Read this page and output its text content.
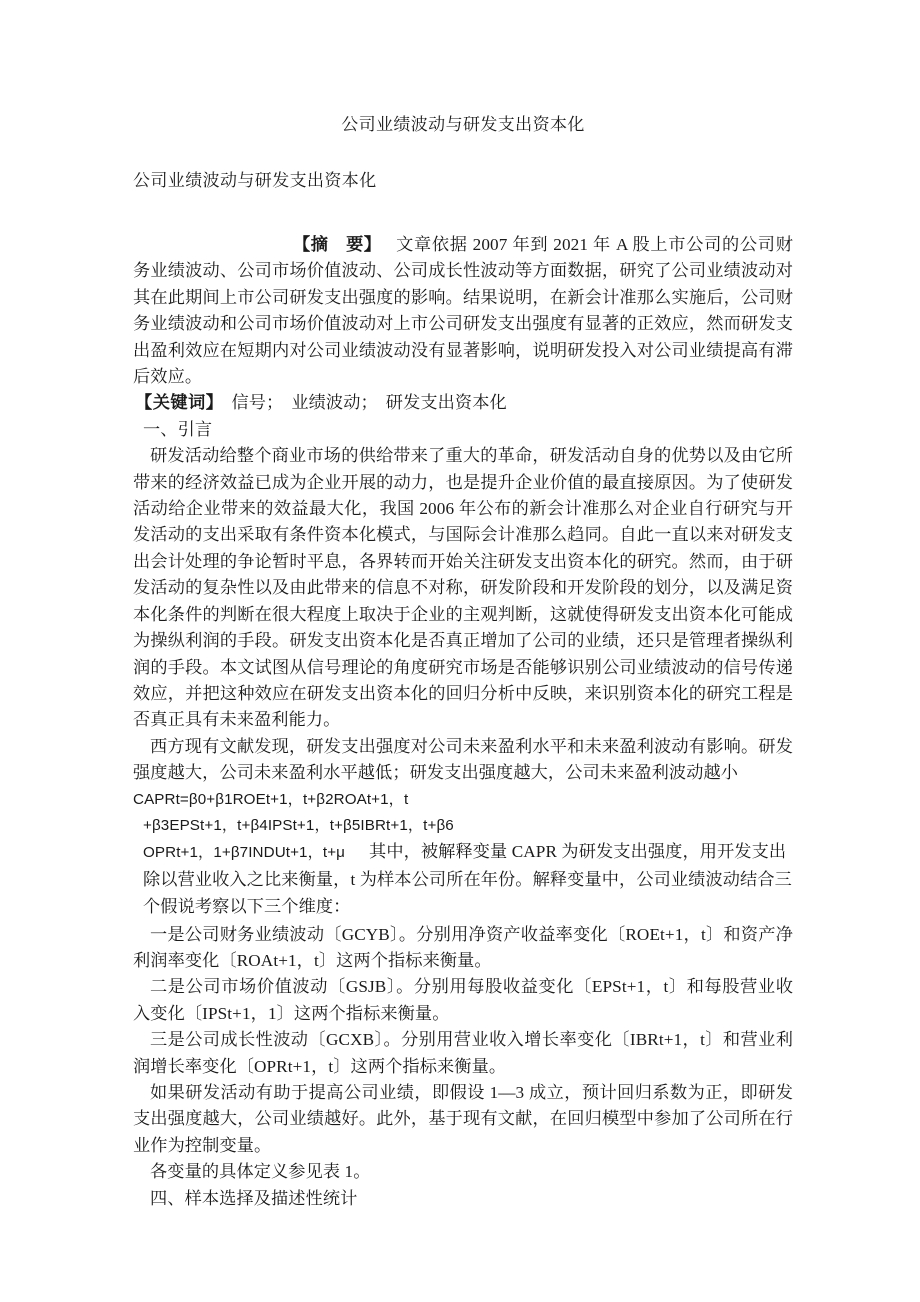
公司业绩波动与研发支出资本化
公司业绩波动与研发支出资本化

【摘　要】 文章依据 2007 年到 2021 年 A 股上市公司的公司财务业绩波动、公司市场价值波动、公司成长性波动等方面数据，研究了公司业绩波动对其在此期间上市公司研发支出强度的影响。结果说明，在新会计准那么实施后，公司财务业绩波动和公司市场价值波动对上市公司研发支出强度有显著的正效应，然而研发支出盈利效应在短期内对公司业绩波动没有显著影响，说明研发投入对公司业绩提高有滞后效应。

【关键词】 信号； 业绩波动； 研发支出资本化

一、引言

研发活动给整个商业市场的供给带来了重大的革命，研发活动自身的优势以及由它所带来的经济效益已成为企业开展的动力，也是提升企业价值的最直接原因。为了使研发活动给企业带来的效益最大化，我国 2006 年公布的新会计准那么对企业自行研究与开发活动的支出采取有条件资本化模式，与国际会计准那么趋同。自此一直以来对研发支出会计处理的争论暂时平息，各界转而开始关注研发支出资本化的研究。然而，由于研发活动的复杂性以及由此带来的信息不对称，研发阶段和开发阶段的划分，以及满足资本化条件的判断在很大程度上取决于企业的主观判断，这就使得研发支出资本化可能成为操纵利润的手段。研发支出资本化是否真正增加了公司的业绩，还只是管理者操纵利润的手段。本文试图从信号理论的角度研究市场是否能够识别公司业绩波动的信号传递效应，并把这种效应在研发支出资本化的回归分析中反映，来识别资本化的研究工程是否真正具有未来盈利能力。

西方现有文献发现，研发支出强度对公司未来盈利水平和未来盈利波动有影响。研发强度越大，公司未来盈利水平越低；研发支出强度越大，公司未来盈利波动越小

CAPRt=β0+β1ROEt+1，t+β2ROAt+1，t

+β3EPSt+1，t+β4IPSt+1，t+β5IBRt+1，t+β6

OPRt+1，1+β7INDUt+1，t+μ 其中，被解释变量 CAPR 为研发支出强度，用开发支出除以营业收入之比来衡量，t 为样本公司所在年份。解释变量中，公司业绩波动结合三个假说考察以下三个维度：

一是公司财务业绩波动〔GCYB〕。分别用净资产收益率变化〔ROEt+1，t〕和资产净利润率变化〔ROAt+1，t〕这两个指标来衡量。

二是公司市场价值波动〔GSJB〕。分别用每股收益变化〔EPSt+1，t〕和每股营业收入变化〔IPSt+1，1〕这两个指标来衡量。

三是公司成长性波动〔GCXB〕。分别用营业收入增长率变化〔IBRt+1，t〕和营业利润增长率变化〔OPRt+1，t〕这两个指标来衡量。

如果研发活动有助于提高公司业绩，即假设 1—3 成立，预计回归系数为正，即研发支出强度越大，公司业绩越好。此外，基于现有文献，在回归模型中参加了公司所在行业作为控制变量。

各变量的具体定义参见表 1。

四、样本选择及描述性统计
